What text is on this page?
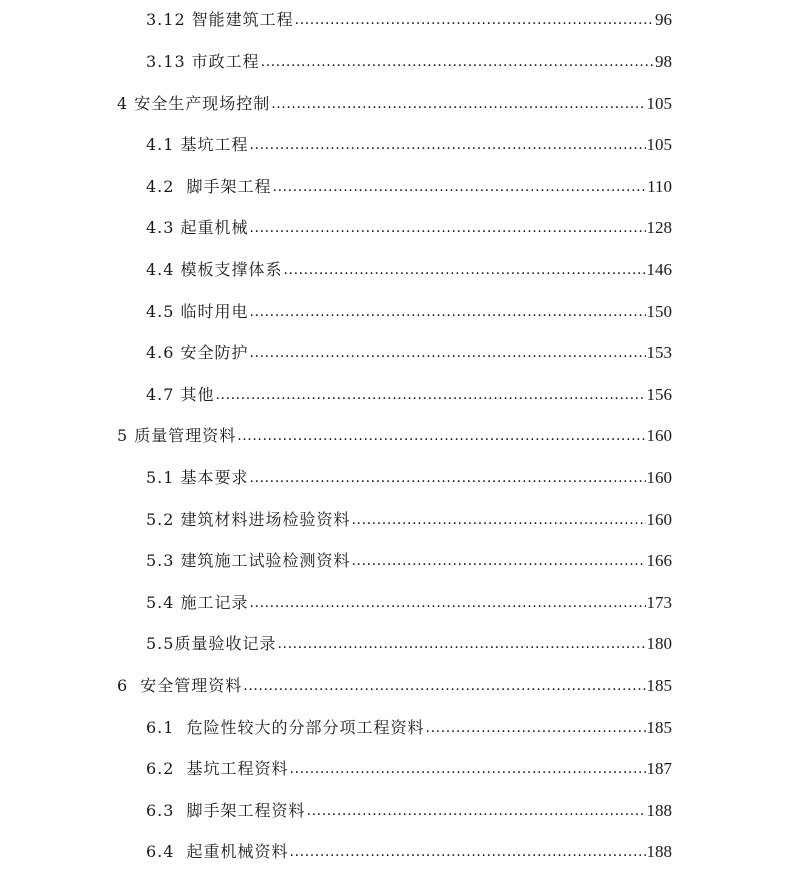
3.12 智能建筑工程 .....	96
3.13 市政工程 .....	98
4 安全生产现场控制 .....	105
4.1 基坑工程 .....	105
4.2 脚手架工程 .....	110
4.3 起重机械 .....	128
4.4 模板支撑体系 .....	146
4.5 临时用电 .....	150
4.6 安全防护 .....	153
4.7 其他 .....	156
5 质量管理资料 .....	160
5.1 基本要求 .....	160
5.2 建筑材料进场检验资料 .....	160
5.3 建筑施工试验检测资料 .....	166
5.4 施工记录 .....	173
5.5质量验收记录 .....	180
6 安全管理资料 .....	185
6.1 危险性较大的分部分项工程资料 .....	185
6.2 基坑工程资料 .....	187
6.3 脚手架工程资料 .....	188
6.4 起重机械资料 .....	188
